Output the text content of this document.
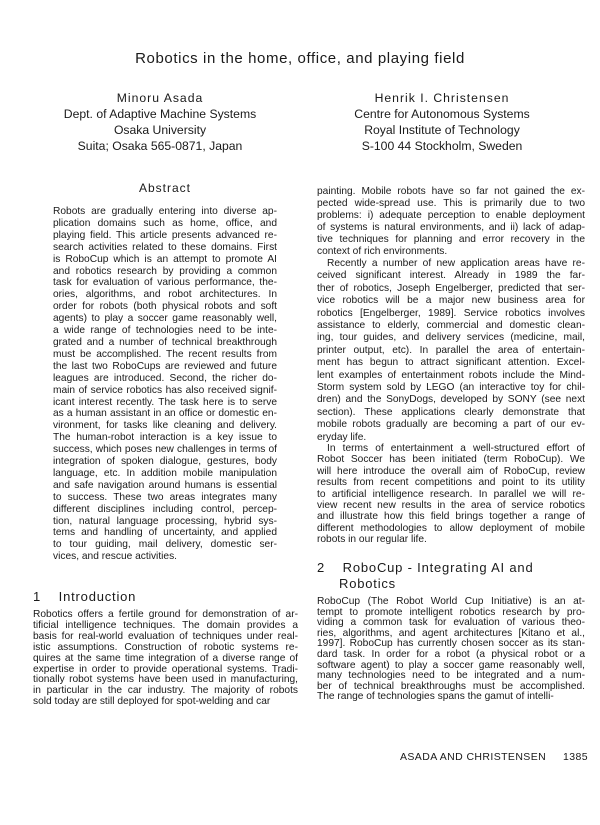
Robotics in the home, office, and playing field
Minoru Asada
Dept. of Adaptive Machine Systems
Osaka University
Suita; Osaka 565-0871, Japan
Henrik I. Christensen
Centre for Autonomous Systems
Royal Institute of Technology
S-100 44 Stockholm, Sweden
Abstract
Robots are gradually entering into diverse ap-
plication domains such as home, office, and
playing field. This article presents advanced re-
search activities related to these domains. First
is RoboCup which is an attempt to promote AI
and robotics research by providing a common
task for evaluation of various performance, the-
ories, algorithms, and robot architectures. In
order for robots (both physical robots and soft
agents) to play a soccer game reasonably well,
a wide range of technologies need to be inte-
grated and a number of technical breakthrough
must be accomplished. The recent results from
the last two RoboCups are reviewed and future
leagues are introduced. Second, the richer do-
main of service robotics has also received signif-
icant interest recently. The task here is to serve
as a human assistant in an office or domestic en-
vironment, for tasks like cleaning and delivery.
The human-robot interaction is a key issue to
success, which poses new challenges in terms of
integration of spoken dialogue, gestures, body
language, etc. In addition mobile manipulation
and safe navigation around humans is essential
to success. These two areas integrates many
different disciplines including control, percep-
tion, natural language processing, hybrid sys-
tems and handling of uncertainty, and applied
to tour guiding, mail delivery, domestic ser-
vices, and rescue activities.
1    Introduction
Robotics offers a fertile ground for demonstration of ar-
tificial intelligence techniques. The domain provides a
basis for real-world evaluation of techniques under real-
istic assumptions. Construction of robotic systems re-
quires at the same time integration of a diverse range of
expertise in order to provide operational systems. Tradi-
tionally robot systems have been used in manufacturing,
in particular in the car industry. The majority of robots
sold today are still deployed for spot-welding and car
painting. Mobile robots have so far not gained the ex-
pected wide-spread use. This is primarily due to two
problems: i) adequate perception to enable deployment
of systems is natural environments, and ii) lack of adap-
tive techniques for planning and error recovery in the
context of rich environments.
Recently a number of new application areas have re-
ceived significant interest. Already in 1989 the far-
ther of robotics, Joseph Engelberger, predicted that ser-
vice robotics will be a major new business area for
robotics [Engelberger, 1989]. Service robotics involves
assistance to elderly, commercial and domestic clean-
ing, tour guides, and delivery services (medicine, mail,
printer output, etc). In parallel the area of entertain-
ment has begun to attract significant attention. Excel-
lent examples of entertainment robots include the Mind-
Storm system sold by LEGO (an interactive toy for chil-
dren) and the SonyDogs, developed by SONY (see next
section). These applications clearly demonstrate that
mobile robots gradually are becoming a part of our ev-
eryday life.
In terms of entertainment a well-structured effort of
Robot Soccer has been initiated (term RoboCup). We
will here introduce the overall aim of RoboCup, review
results from recent competitions and point to its utility
to artificial intelligence research. In parallel we will re-
view recent new results in the area of service robotics
and illustrate how this field brings together a range of
different methodologies to allow deployment of mobile
robots in our regular life.
2    RoboCup - Integrating AI and
Robotics
RoboCup (The Robot World Cup Initiative) is an at-
tempt to promote intelligent robotics research by pro-
viding a common task for evaluation of various theo-
ries, algorithms, and agent architectures [Kitano et al.,
1997]. RoboCup has currently chosen soccer as its stan-
dard task. In order for a robot (a physical robot or a
software agent) to play a soccer game reasonably well,
many technologies need to be integrated and a num-
ber of technical breakthroughs must be accomplished.
The range of technologies spans the gamut of intelli-
ASADA AND CHRISTENSEN 1385
